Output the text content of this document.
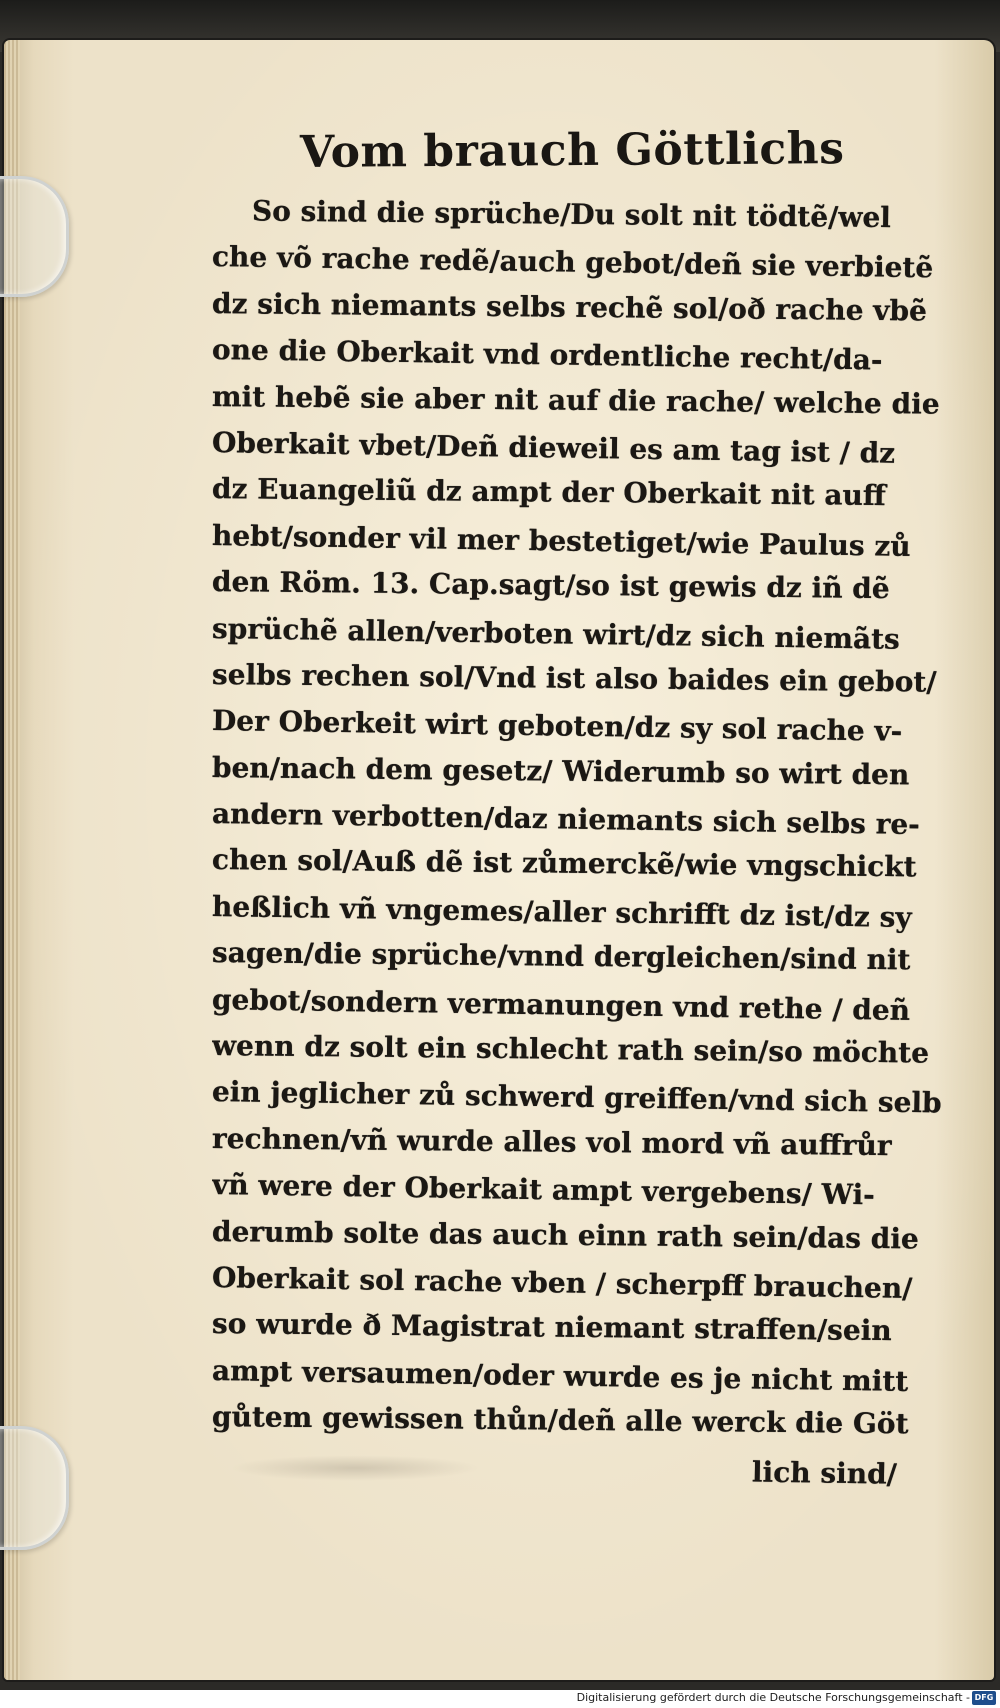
Vom brauch Göttlichs
So sind die sprüche/Du solt nit tödtẽ/wel
che võ rache redẽ/auch gebot/deñ sie verbietẽ
dz sich niemants selbs rechẽ sol/oð rache vbẽ
one die Oberkait vnd ordentliche recht/da-
mit hebẽ sie aber nit auf die rache/ welche die
Oberkait vbet/Deñ dieweil es am tag ist / dz
dz Euangeliũ dz ampt der Oberkait nit auff
hebt/sonder vil mer bestetiget/wie Paulus zů
den Röm. 13. Cap.sagt/so ist gewis dz iñ dẽ
sprüchẽ allen/verboten wirt/dz sich niemãts
selbs rechen sol/Vnd ist also baides ein gebot/
Der Oberkeit wirt geboten/dz sy sol rache v-
ben/nach dem gesetz/ Widerumb so wirt den
andern verbotten/daz niemants sich selbs re-
chen sol/Auß dẽ ist zůmerckẽ/wie vngschickt
heßlich vñ vngemes/aller schrifft dz ist/dz sy
sagen/die sprüche/vnnd dergleichen/sind nit
gebot/sondern vermanungen vnd rethe / deñ
wenn dz solt ein schlecht rath sein/so möchte
ein jeglicher zů schwerd greiffen/vnd sich selb
rechnen/vñ wurde alles vol mord vñ auffrůr
vñ were der Oberkait ampt vergebens/ Wi-
derumb solte das auch einn rath sein/das die
Oberkait sol rache vben / scherpff brauchen/
so wurde ð Magistrat niemant straffen/sein
ampt versaumen/oder wurde es je nicht mitt
gůtem gewissen thůn/deñ alle werck die Göt
lich sind/
Digitalisierung gefördert durch die Deutsche Forschungsgemeinschaft - DFG
